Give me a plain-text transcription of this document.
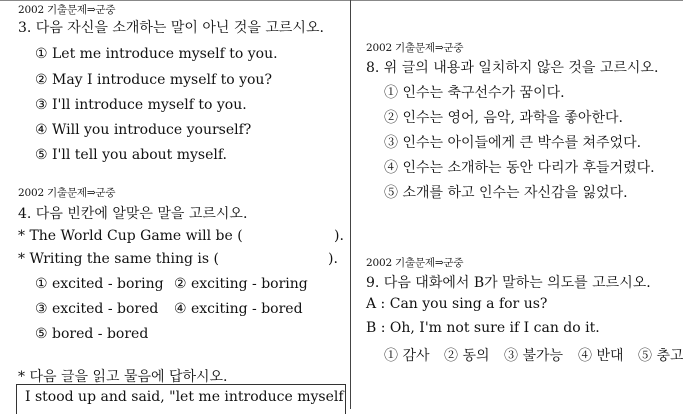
2002 기출문제⇒군중
3. 다음 자신을 소개하는 말이 아닌 것을 고르시오.
① Let me introduce myself to you.
② May I introduce myself to you?
③ I'll introduce myself to you.
④ Will you introduce yourself?
⑤ I'll tell you about myself.
2002 기출문제⇒군중
4. 다음 빈칸에 알맞은 말을 고르시오.
* The World Cup Game will be (	).
* Writing the same thing is (	).
① excited - boring ② exciting - boring
③ excited - bored ④ exciting - bored
⑤ bored - bored
* 다음 글을 읽고 물음에 답하시오.
I stood up and said, "let me introduce myself
2002 기출문제⇒군중
8. 위 글의 내용과 일치하지 않은 것을 고르시오.
① 인수는 축구선수가 꿈이다.
② 인수는 영어, 음악, 과학을 좋아한다.
③ 인수는 아이들에게 큰 박수를 쳐주었다.
④ 인수는 소개하는 동안 다리가 후들거렸다.
⑤ 소개를 하고 인수는 자신감을 잃었다.
2002 기출문제⇒군중
9. 다음 대화에서 B가 말하는 의도를 고르시오.
A : Can you sing a for us?
B : Oh, I'm not sure if I can do it.
① 감사 ② 동의 ③ 불가능 ④ 반대 ⑤ 충고
